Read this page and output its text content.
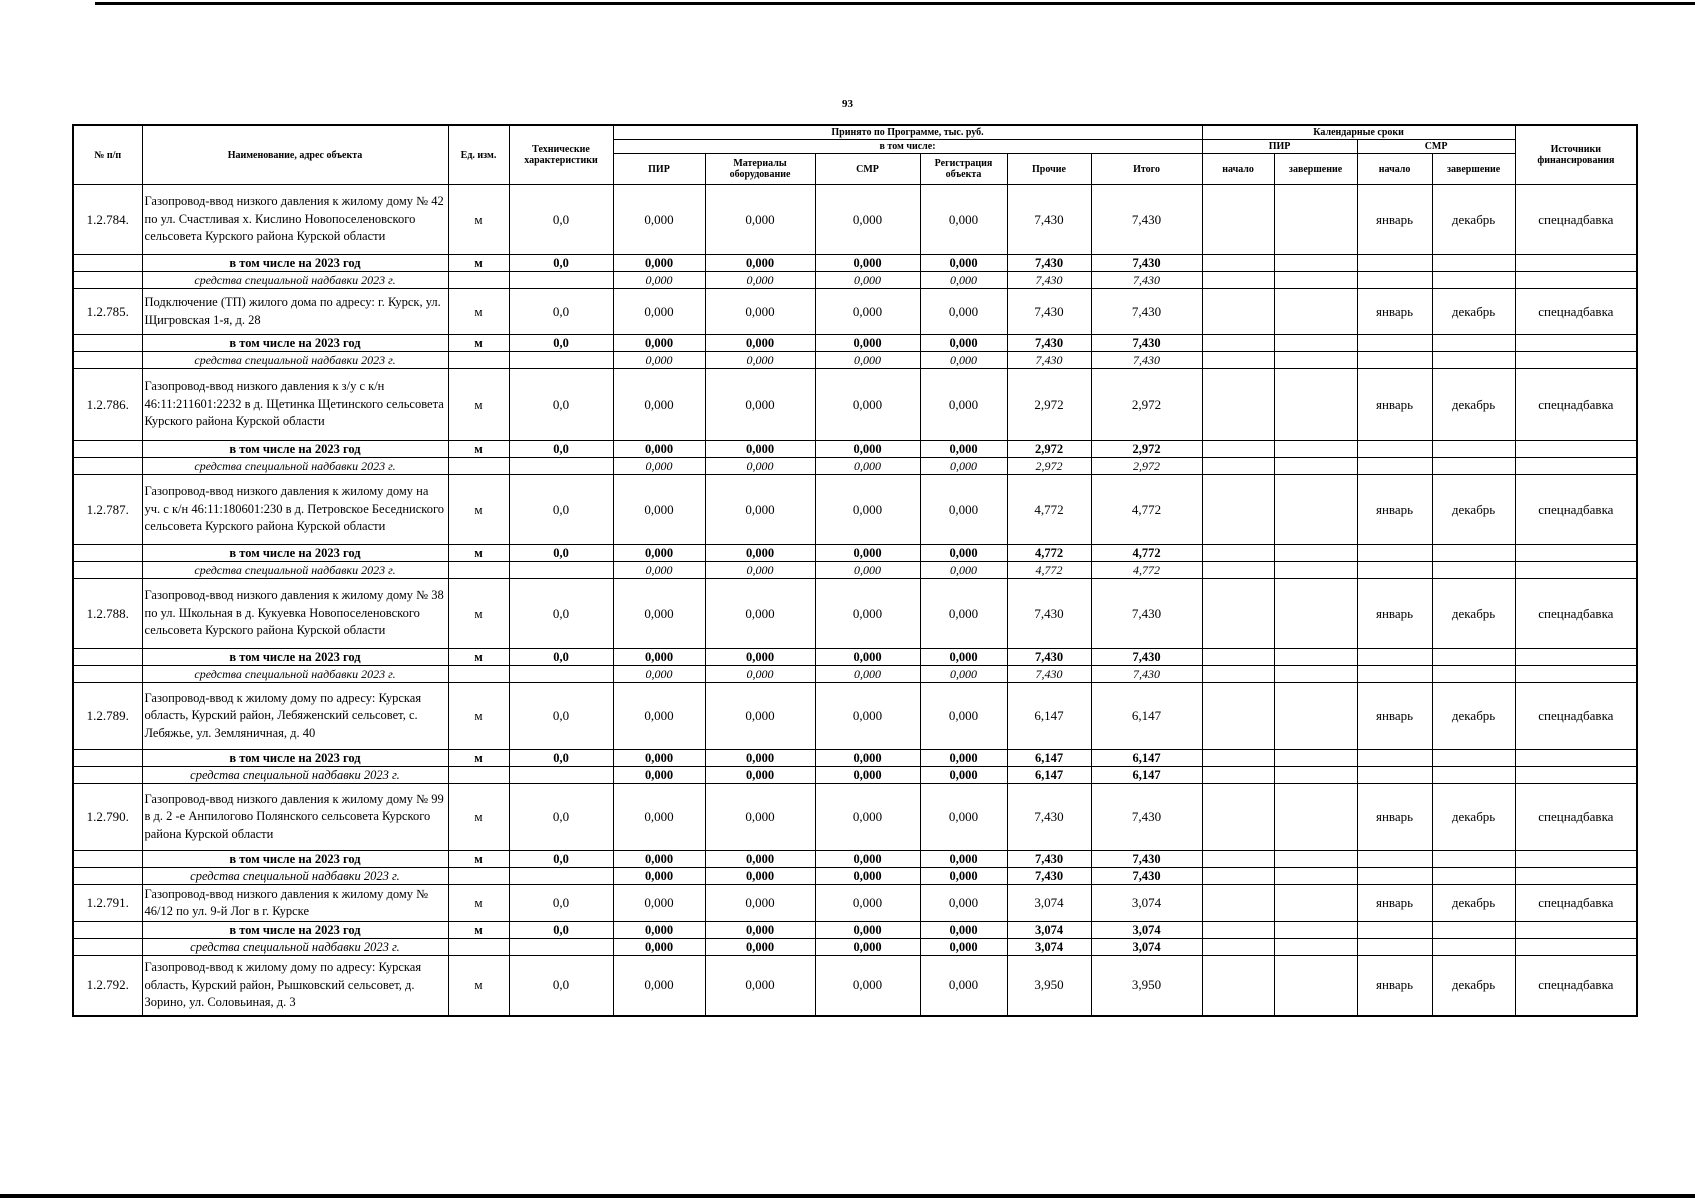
93
№ п/п	Наименование, адрес объекта	Ед. изм.	Технические характеристики	Принято по Программе, тыс. руб.						Календарные сроки				Источники финансирования
				в том числе:						ПИР		СМР		
				ПИР	Материалы оборудование	СМР	Регистрация объекта	Прочие	Итого	начало	завершение	начало	завершение	
1.2.784.	Газопровод-ввод низкого давления к жилому дому № 42 по ул. Счастливая х. Кислино Новопоселеновского сельсовета Курского района Курской области	м	0,0	0,000	0,000	0,000	0,000	7,430	7,430			январь	декабрь	спецнадбавка
	в том числе на 2023 год	м	0,0	0,000	0,000	0,000	0,000	7,430	7,430					
	средства специальной надбавки 2023 г.			0,000	0,000	0,000	0,000	7,430	7,430					
1.2.785.	Подключение (ТП) жилого дома по адресу: г. Курск, ул. Щигровская 1-я, д. 28	м	0,0	0,000	0,000	0,000	0,000	7,430	7,430			январь	декабрь	спецнадбавка
	в том числе на 2023 год	м	0,0	0,000	0,000	0,000	0,000	7,430	7,430					
	средства специальной надбавки 2023 г.			0,000	0,000	0,000	0,000	7,430	7,430					
1.2.786.	Газопровод-ввод низкого давления к з/у с к/н 46:11:211601:2232 в д. Щетинка Щетинского сельсовета Курского района Курской области	м	0,0	0,000	0,000	0,000	0,000	2,972	2,972			январь	декабрь	спецнадбавка
	в том числе на 2023 год	м	0,0	0,000	0,000	0,000	0,000	2,972	2,972					
	средства специальной надбавки 2023 г.			0,000	0,000	0,000	0,000	2,972	2,972					
1.2.787.	Газопровод-ввод низкого давления к жилому дому на уч. с к/н 46:11:180601:230 в д. Петровское Беседниского сельсовета Курского района Курской области	м	0,0	0,000	0,000	0,000	0,000	4,772	4,772			январь	декабрь	спецнадбавка
	в том числе на 2023 год	м	0,0	0,000	0,000	0,000	0,000	4,772	4,772					
	средства специальной надбавки 2023 г.			0,000	0,000	0,000	0,000	4,772	4,772					
1.2.788.	Газопровод-ввод низкого давления к жилому дому № 38 по ул. Школьная в д. Кукуевка Новопоселеновского сельсовета Курского района Курской области	м	0,0	0,000	0,000	0,000	0,000	7,430	7,430			январь	декабрь	спецнадбавка
	в том числе на 2023 год	м	0,0	0,000	0,000	0,000	0,000	7,430	7,430					
	средства специальной надбавки 2023 г.			0,000	0,000	0,000	0,000	7,430	7,430					
1.2.789.	Газопровод-ввод к жилому дому по адресу: Курская область, Курский район, Лебяженский сельсовет, с. Лебяжье, ул. Земляничная, д. 40	м	0,0	0,000	0,000	0,000	0,000	6,147	6,147			январь	декабрь	спецнадбавка
	в том числе на 2023 год	м	0,0	0,000	0,000	0,000	0,000	6,147	6,147					
	средства специальной надбавки 2023 г.			0,000	0,000	0,000	0,000	6,147	6,147					
1.2.790.	Газопровод-ввод низкого давления к жилому дому № 99 в д. 2 -е Анпилогово Полянского сельсовета Курского района Курской области	м	0,0	0,000	0,000	0,000	0,000	7,430	7,430			январь	декабрь	спецнадбавка
	в том числе на 2023 год	м	0,0	0,000	0,000	0,000	0,000	7,430	7,430					
	средства специальной надбавки 2023 г.			0,000	0,000	0,000	0,000	7,430	7,430					
1.2.791.	Газопровод-ввод низкого давления к жилому дому № 46/12 по ул. 9-й Лог в г. Курске	м	0,0	0,000	0,000	0,000	0,000	3,074	3,074			январь	декабрь	спецнадбавка
	в том числе на 2023 год	м	0,0	0,000	0,000	0,000	0,000	3,074	3,074					
	средства специальной надбавки 2023 г.			0,000	0,000	0,000	0,000	3,074	3,074					
1.2.792.	Газопровод-ввод к жилому дому по адресу: Курская область, Курский район, Рышковский сельсовет, д. Зорино, ул. Соловьиная, д. 3	м	0,0	0,000	0,000	0,000	0,000	3,950	3,950			январь	декабрь	спецнадбавка
